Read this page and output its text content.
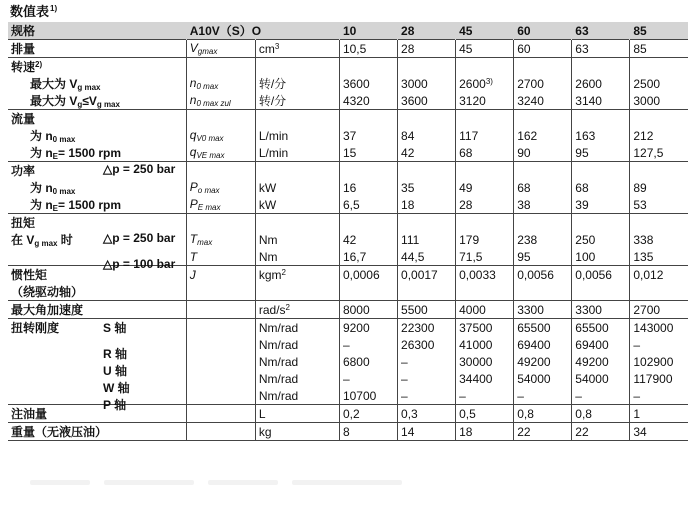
数值表$^{1)}$
规格	A10V（S）O		10	28	45	60	63	85
排量	$V_{gmax}$	$cm^3$	10,5	28	45	60	63	85
转速$^{2)}$								
最大为 $V_{g max}$	$n_{0 max}$	转/分	3600	3000	2600$^{3)}$	2700	2600	2500
最大为 $V_g\le V_{g max}$	$n_{0 max zul}$	转/分	4320	3600	3120	3240	3140	3000
流量								
为 $n_{0 max}$	$q_{V0 max}$	L/min	37	84	117	162	163	212
为 $n_E= 1500$ rpm	$q_{VE max}$	L/min	15	42	68	90	95	127,5
功率 △p = 250 bar								

为 $n_{0 max}$	$P_{o max}$	kW	16	35	49	68	68	89
为 $n_E= 1500$ rpm	$P_{E max}$	kW	6,5	18	28	38	39	53
扭矩								
在 $V_{g max}$ 时 △p = 250 bar	$T_{max}$	Nm	42	111	179	238	250	338

△p = 100 bar	T	Nm	16,7	44,5	71,5	95	100	135
惯性矩	J	kgm$^2$	0,0006	0,0017	0,0033	0,0056	0,0056	0,012
（绕驱动轴）								
最大角加速度		rad/$s^2$	8000	5500	4000	3300	3300	2700
扭转刚度 S 轴		Nm/rad	9200	22300	37500	65500	65500	143000

R 轴		Nm/rad	–	26300	41000	69400	69400	–

U 轴		Nm/rad	6800	–	30000	49200	49200	102900

W 轴		Nm/rad	–	–	34400	54000	54000	117900

P 轴		Nm/rad	10700	–	–	–	–	–
注油量		L	0,2	0,3	0,5	0,8	0,8	1
重量（无液压油）		kg	8	14	18	22	22	34
